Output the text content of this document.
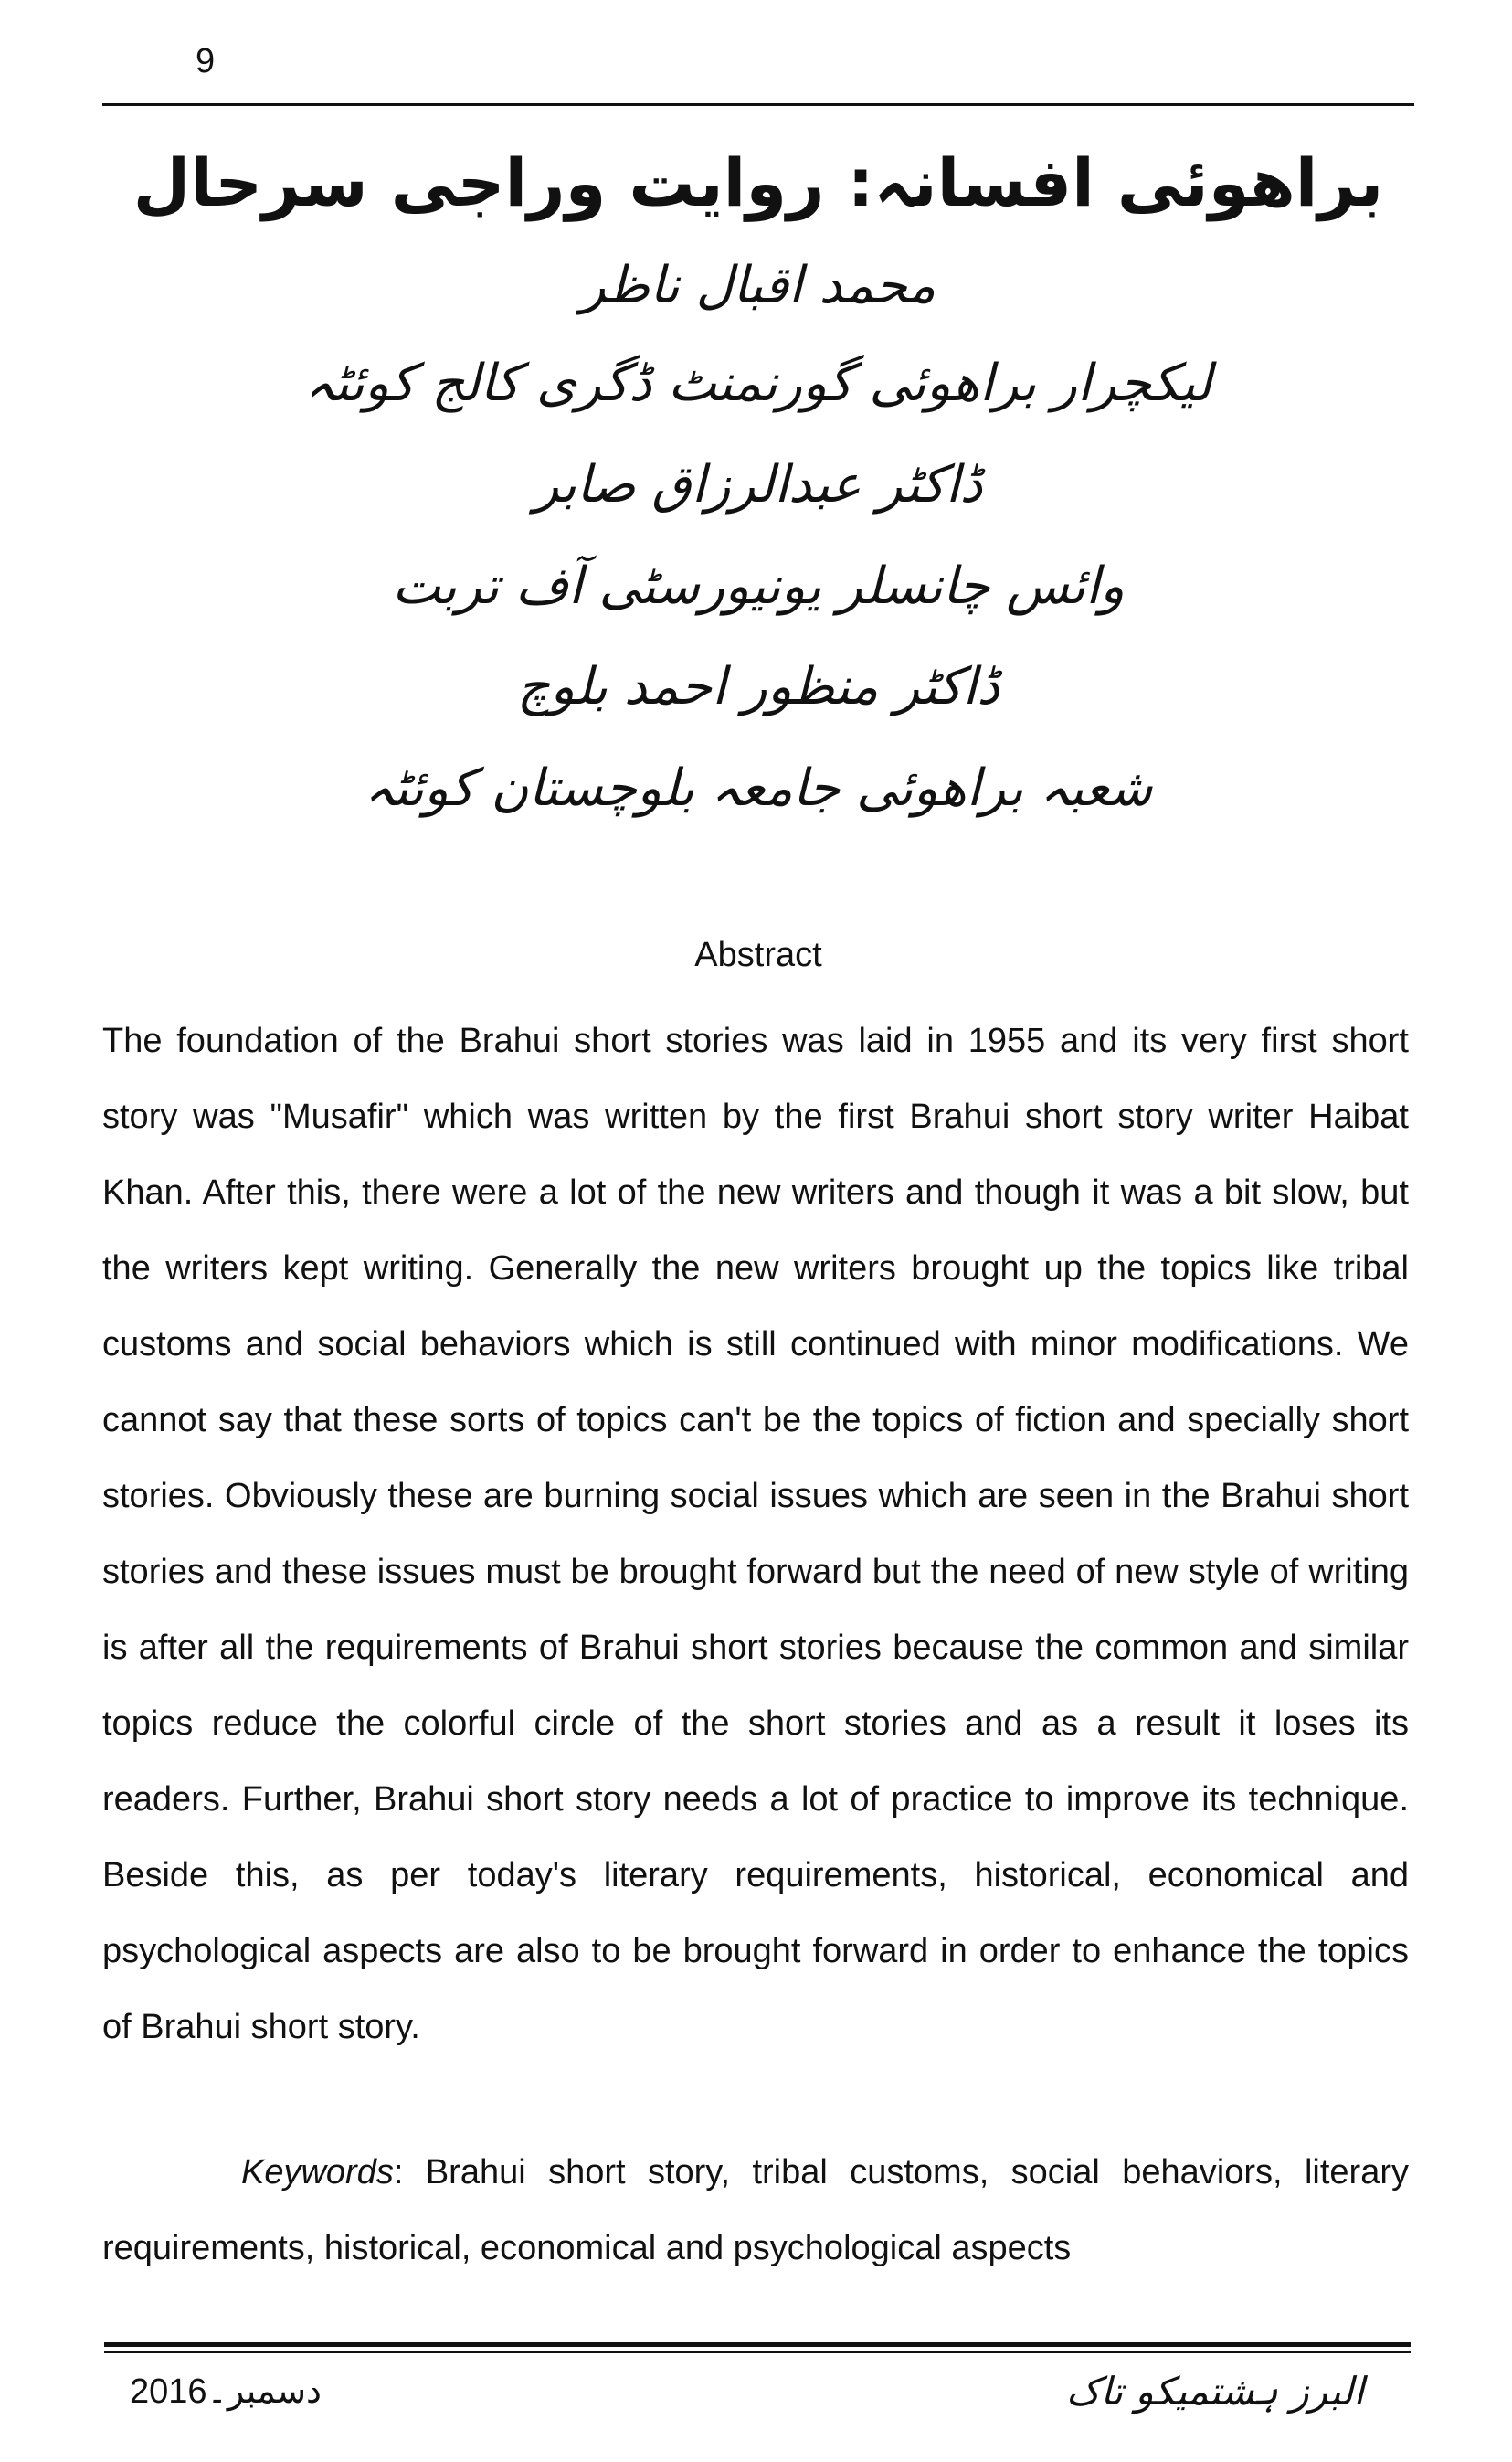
9
براھوئی افسانہ: روایت وراجی سرحال
محمد اقبال ناظر
لیکچرار براھوئی گورنمنٹ ڈگری کالج کوئٹہ
ڈاکٹر عبدالرزاق صابر
وائس چانسلر یونیورسٹی آف تربت
ڈاکٹر منظور احمد بلوچ
شعبہ براھوئی جامعہ بلوچستان کوئٹہ
Abstract
The foundation of the Brahui short stories was laid in 1955 and its very first short story was "Musafir" which was written by the first Brahui short story writer Haibat Khan. After this, there were a lot of the new writers and though it was a bit slow, but the writers kept writing. Generally the new writers brought up the topics like tribal customs and social behaviors which is still continued with minor modifications. We cannot say that these sorts of topics can't be the topics of fiction and specially short stories. Obviously these are burning social issues which are seen in the Brahui short stories and these issues must be brought forward but the need of new style of writing is after all the requirements of Brahui short stories because the common and similar topics reduce the colorful circle of the short stories and as a result it loses its readers. Further, Brahui short story needs a lot of practice to improve its technique. Beside this, as per today's literary requirements, historical, economical and psychological aspects are also to be brought forward in order to enhance the topics of Brahui short story.
Keywords: Brahui short story, tribal customs, social behaviors, literary requirements, historical, economical and psychological aspects
دسمبر۔2016	البرز ہشتمیکو تاک
